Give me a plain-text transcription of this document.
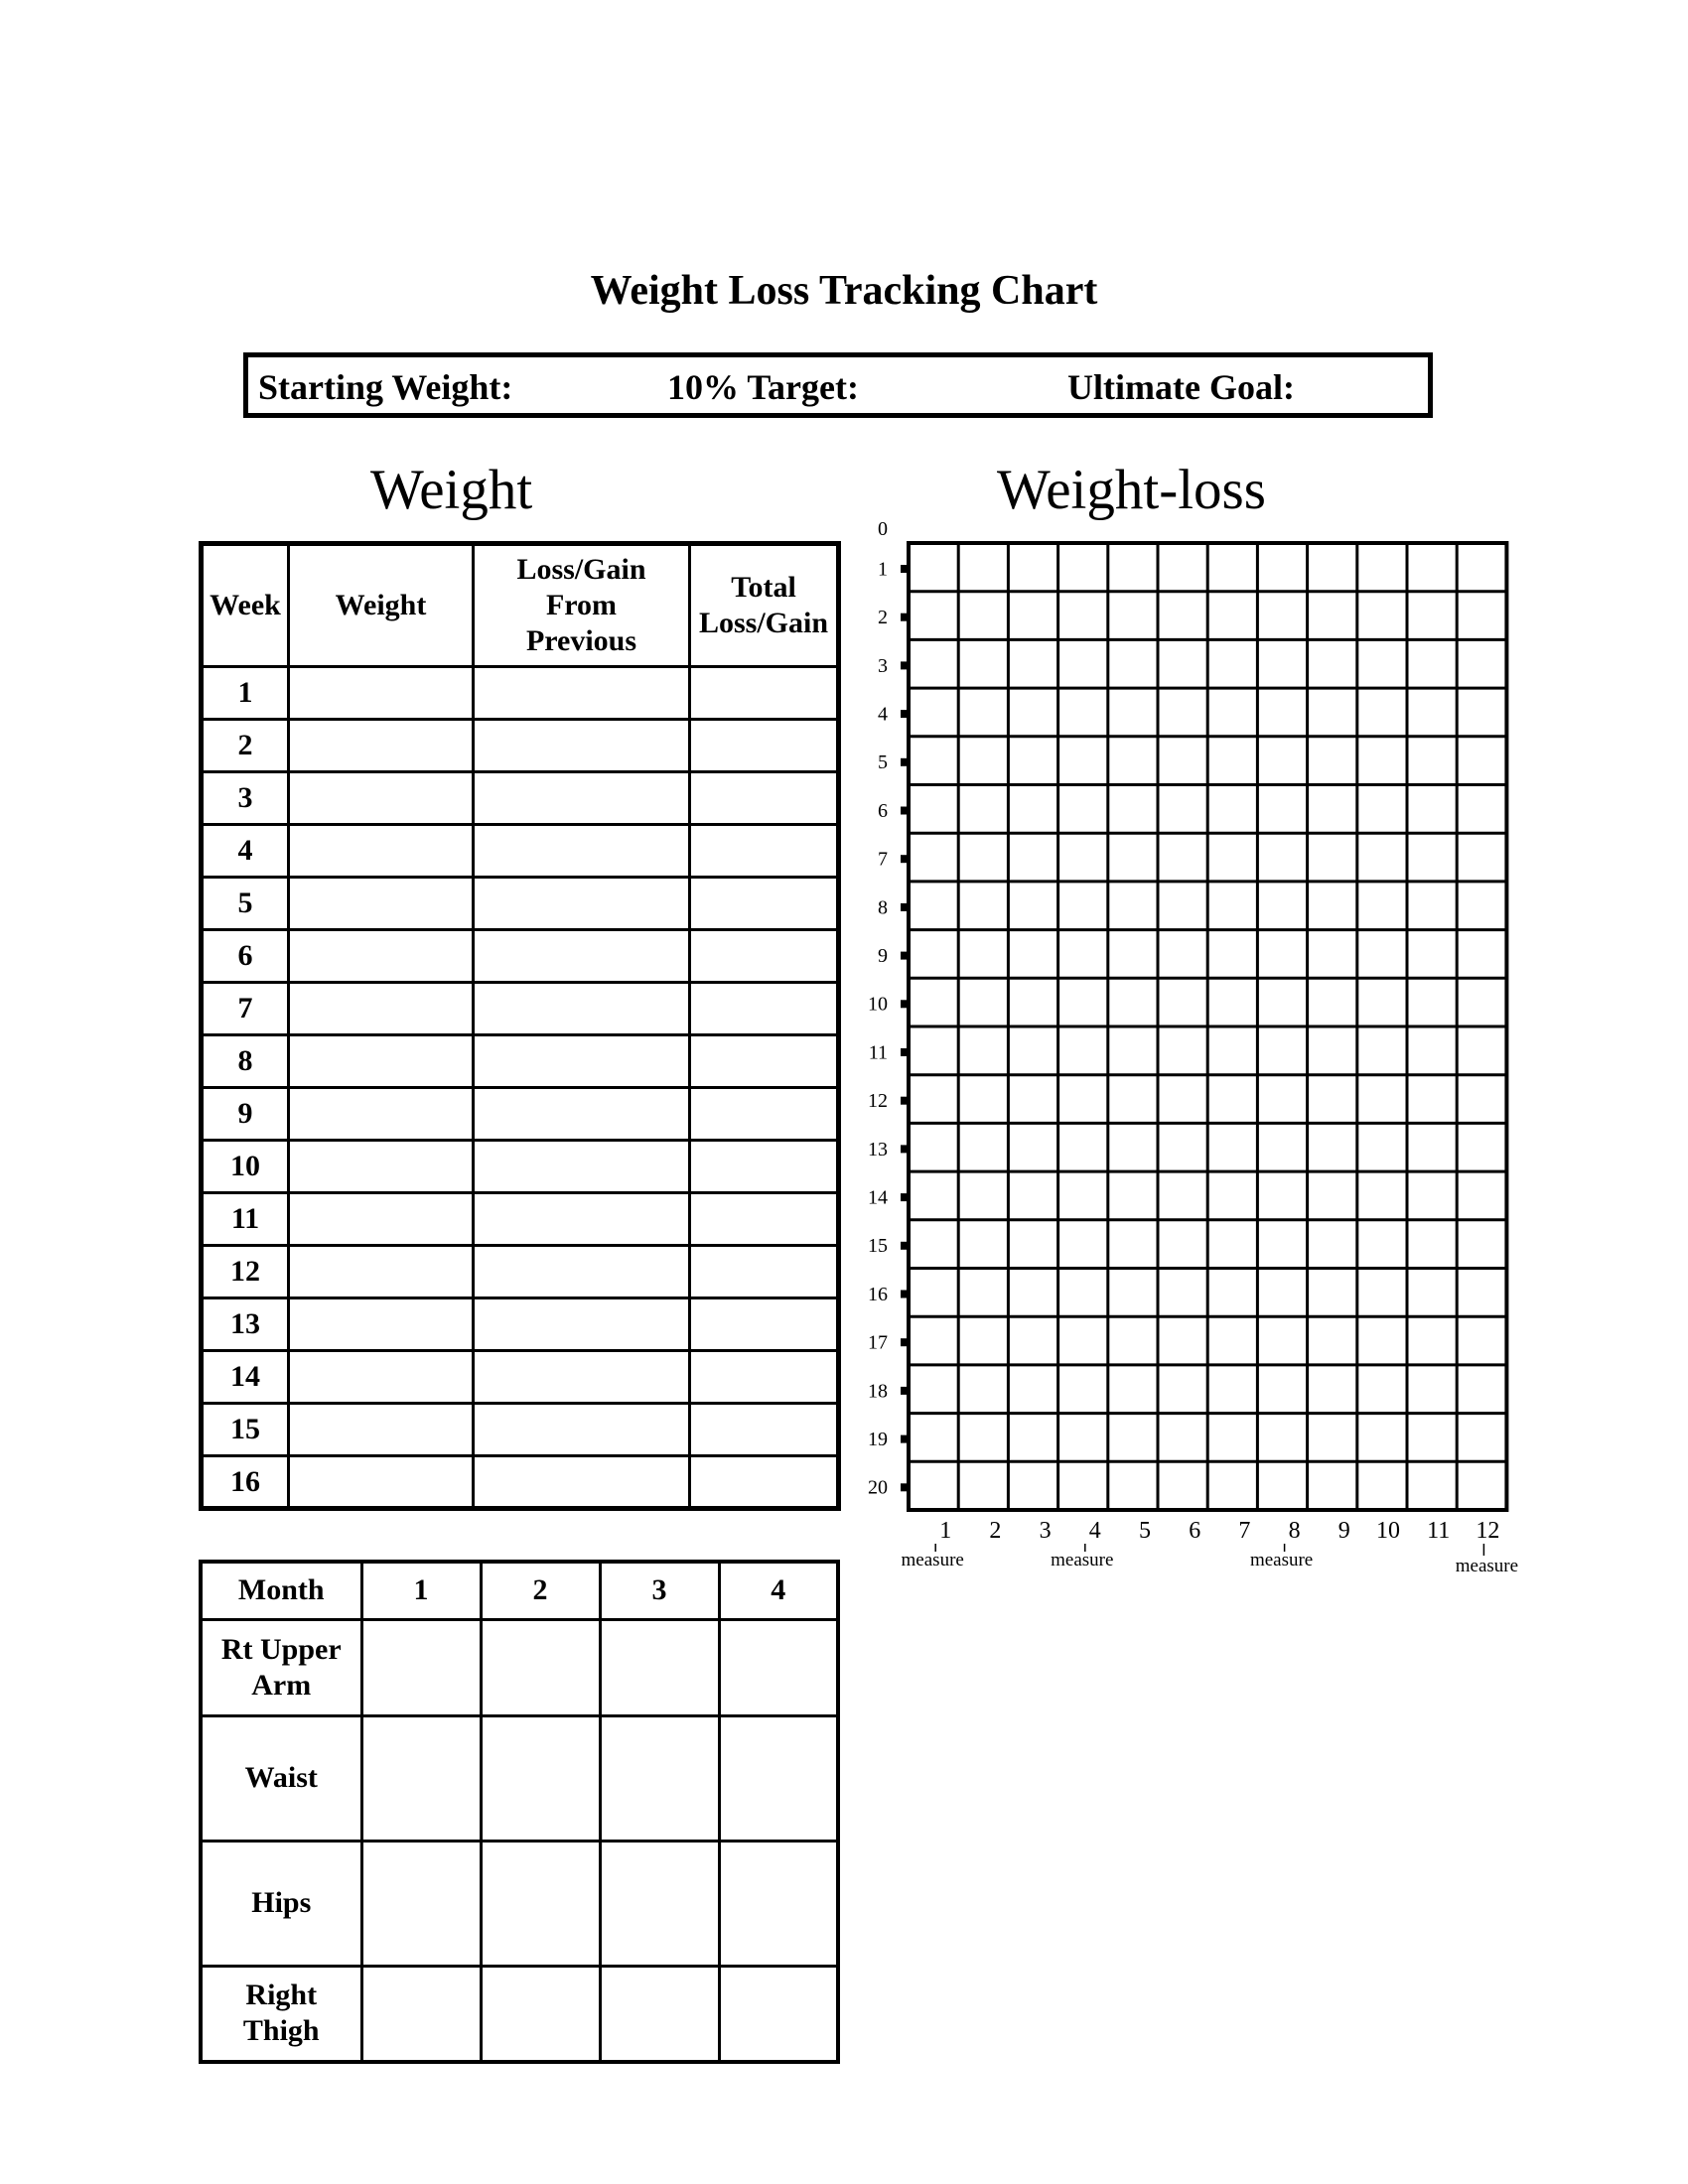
Weight Loss Tracking Chart
Starting Weight:	10% Target:	Ultimate Goal:
Weight	Weight-loss
Week	Weight	Loss/Gain From Previous	Total Loss/Gain
1			
2			
3			
4			
5			
6			
7			
8			
9			
10			
11			
12			
13			
14			
15			
16			
Month	1	2	3	4
Rt Upper Arm				
Waist				
Hips				
Right Thigh				
0
1
2
3
4
5
6
7
8
9
10
11
12
13
14
15
16
17
18
19
20
1 2 3 4 5 6 7 8 9 10 11 12
measure	measure	measure	measure
